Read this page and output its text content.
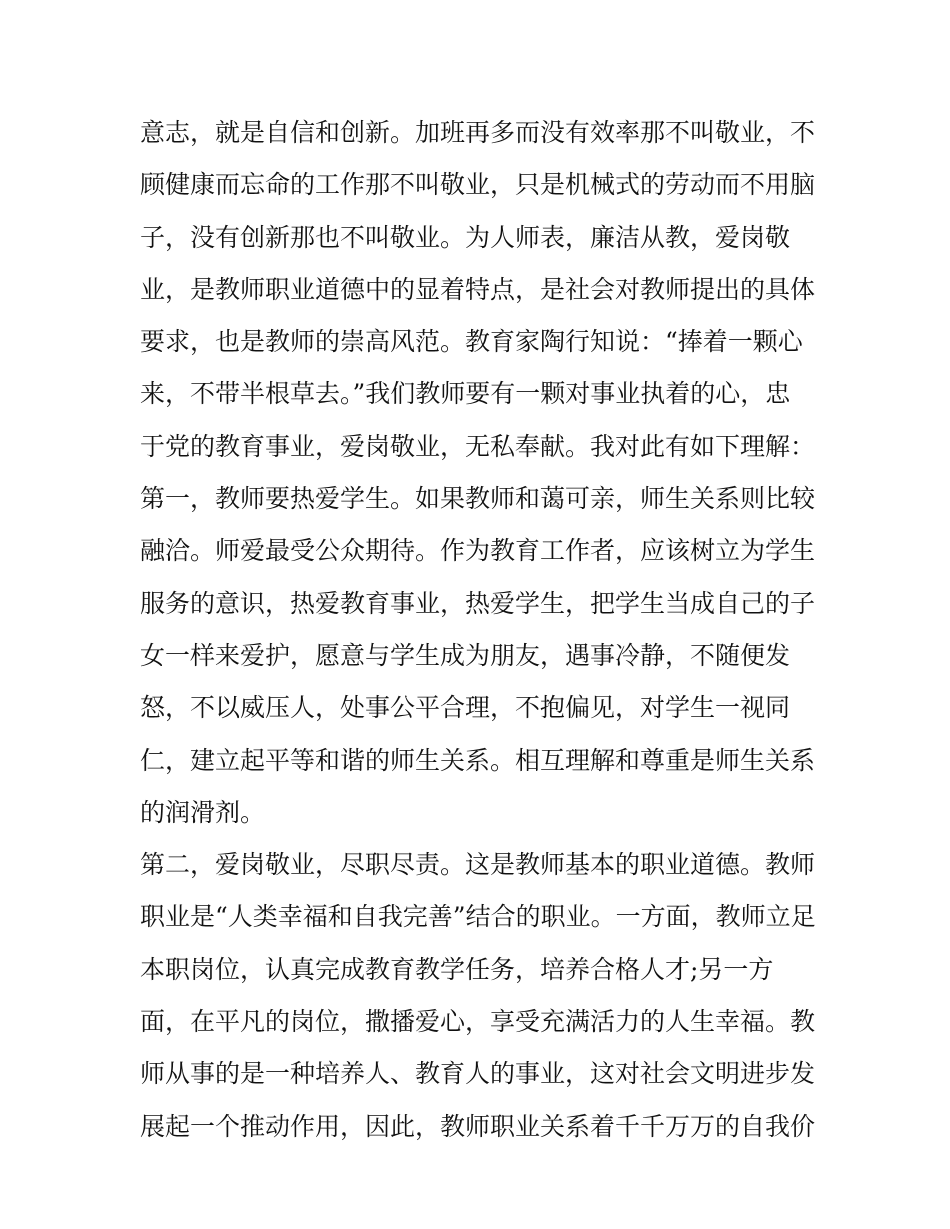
意志，就是自信和创新。加班再多而没有效率那不叫敬业，不
顾健康而忘命的工作那不叫敬业，只是机械式的劳动而不用脑
子，没有创新那也不叫敬业。为人师表，廉洁从教，爱岗敬
业，是教师职业道德中的显着特点，是社会对教师提出的具体
要求，也是教师的崇高风范。教育家陶行知说：“捧着一颗心
来，不带半根草去。”我们教师要有一颗对事业执着的心，忠
于党的教育事业，爱岗敬业，无私奉献。我对此有如下理解：
第一，教师要热爱学生。如果教师和蔼可亲，师生关系则比较
融洽。师爱最受公众期待。作为教育工作者，应该树立为学生
服务的意识，热爱教育事业，热爱学生，把学生当成自己的子
女一样来爱护，愿意与学生成为朋友，遇事冷静，不随便发
怒，不以威压人，处事公平合理，不抱偏见，对学生一视同
仁，建立起平等和谐的师生关系。相互理解和尊重是师生关系
的润滑剂。
第二，爱岗敬业，尽职尽责。这是教师基本的职业道德。教师
职业是“人类幸福和自我完善”结合的职业。一方面，教师立足
本职岗位，认真完成教育教学任务，培养合格人才;另一方
面，在平凡的岗位，撒播爱心，享受充满活力的人生幸福。教
师从事的是一种培养人、教育人的事业，这对社会文明进步发
展起一个推动作用，因此，教师职业关系着千千万万的自我价
